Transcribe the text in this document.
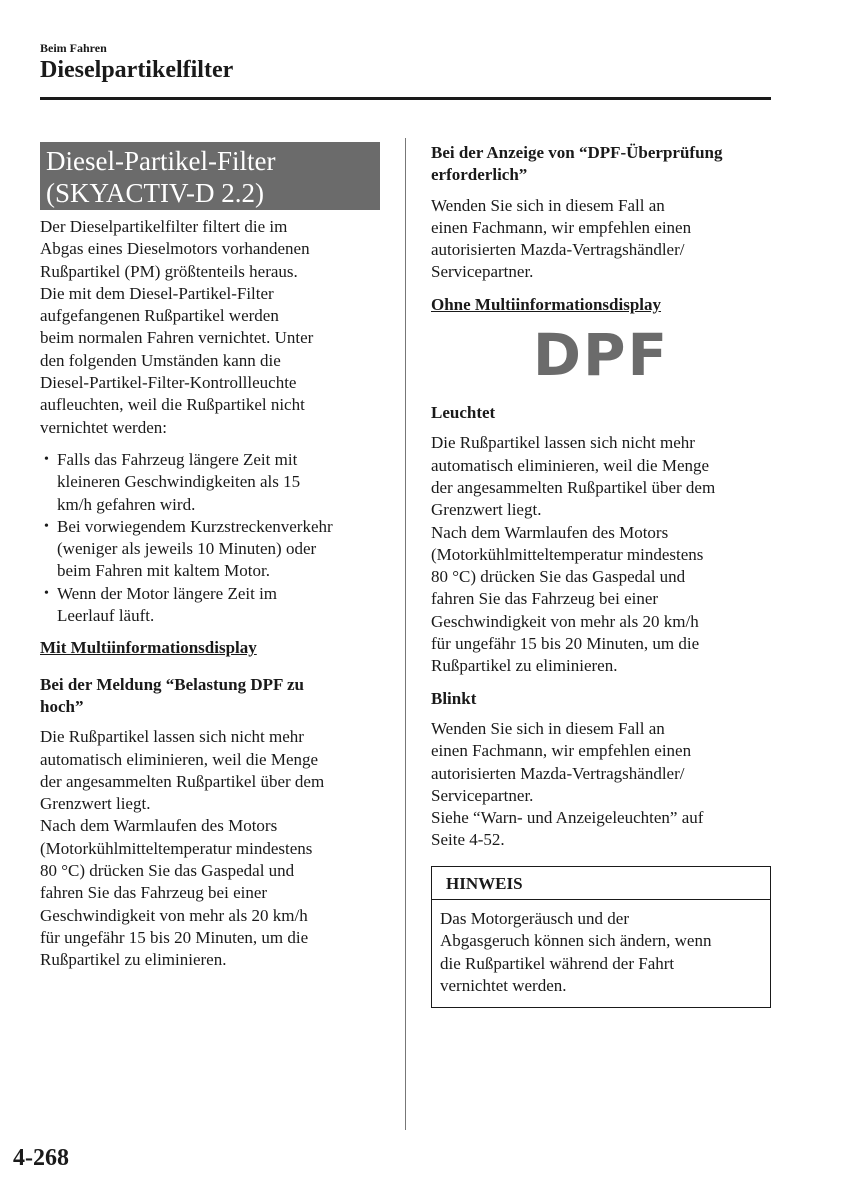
Beim Fahren
Dieselpartikelfilter
Diesel-Partikel-Filter
(SKYACTIV-D 2.2)
Der Dieselpartikelfilter filtert die im
Abgas eines Dieselmotors vorhandenen
Rußpartikel (PM) größtenteils heraus.
Die mit dem Diesel-Partikel-Filter
aufgefangenen Rußpartikel werden
beim normalen Fahren vernichtet. Unter
den folgenden Umständen kann die
Diesel-Partikel-Filter-Kontrollleuchte
aufleuchten, weil die Rußpartikel nicht
vernichtet werden:
• Falls das Fahrzeug längere Zeit mit
kleineren Geschwindigkeiten als 15
km/h gefahren wird.
• Bei vorwiegendem Kurzstreckenverkehr
(weniger als jeweils 10 Minuten) oder
beim Fahren mit kaltem Motor.
• Wenn der Motor längere Zeit im
Leerlauf läuft.
Mit Multiinformationsdisplay
Bei der Meldung “Belastung DPF zu
hoch”
Die Rußpartikel lassen sich nicht mehr
automatisch eliminieren, weil die Menge
der angesammelten Rußpartikel über dem
Grenzwert liegt.
Nach dem Warmlaufen des Motors
(Motorkühlmitteltemperatur mindestens
80 °C) drücken Sie das Gaspedal und
fahren Sie das Fahrzeug bei einer
Geschwindigkeit von mehr als 20 km/h
für ungefähr 15 bis 20 Minuten, um die
Rußpartikel zu eliminieren.
Bei der Anzeige von “DPF-Überprüfung
erforderlich”
Wenden Sie sich in diesem Fall an
einen Fachmann, wir empfehlen einen
autorisierten Mazda-Vertragshändler/
Servicepartner.
Ohne Multiinformationsdisplay
DPF
Leuchtet
Die Rußpartikel lassen sich nicht mehr
automatisch eliminieren, weil die Menge
der angesammelten Rußpartikel über dem
Grenzwert liegt.
Nach dem Warmlaufen des Motors
(Motorkühlmitteltemperatur mindestens
80 °C) drücken Sie das Gaspedal und
fahren Sie das Fahrzeug bei einer
Geschwindigkeit von mehr als 20 km/h
für ungefähr 15 bis 20 Minuten, um die
Rußpartikel zu eliminieren.
Blinkt
Wenden Sie sich in diesem Fall an
einen Fachmann, wir empfehlen einen
autorisierten Mazda-Vertragshändler/
Servicepartner.
Siehe “Warn- und Anzeigeleuchten” auf
Seite 4-52.
HINWEIS
Das Motorgeräusch und der
Abgasgeruch können sich ändern, wenn
die Rußpartikel während der Fahrt
vernichtet werden.
4-268
